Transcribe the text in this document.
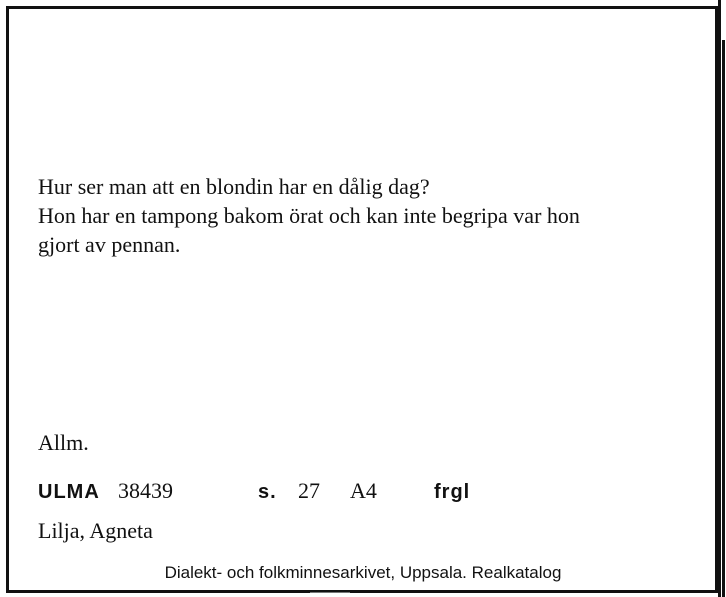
Hur ser man att en blondin har en dålig dag?
Hon har en tampong bakom örat och kan inte begripa var hon
gjort av pennan.
Allm.
ULMA 38439	s. 27 A4	frgl
Lilja, Agneta
Dialekt- och folkminnesarkivet, Uppsala. Realkatalog
